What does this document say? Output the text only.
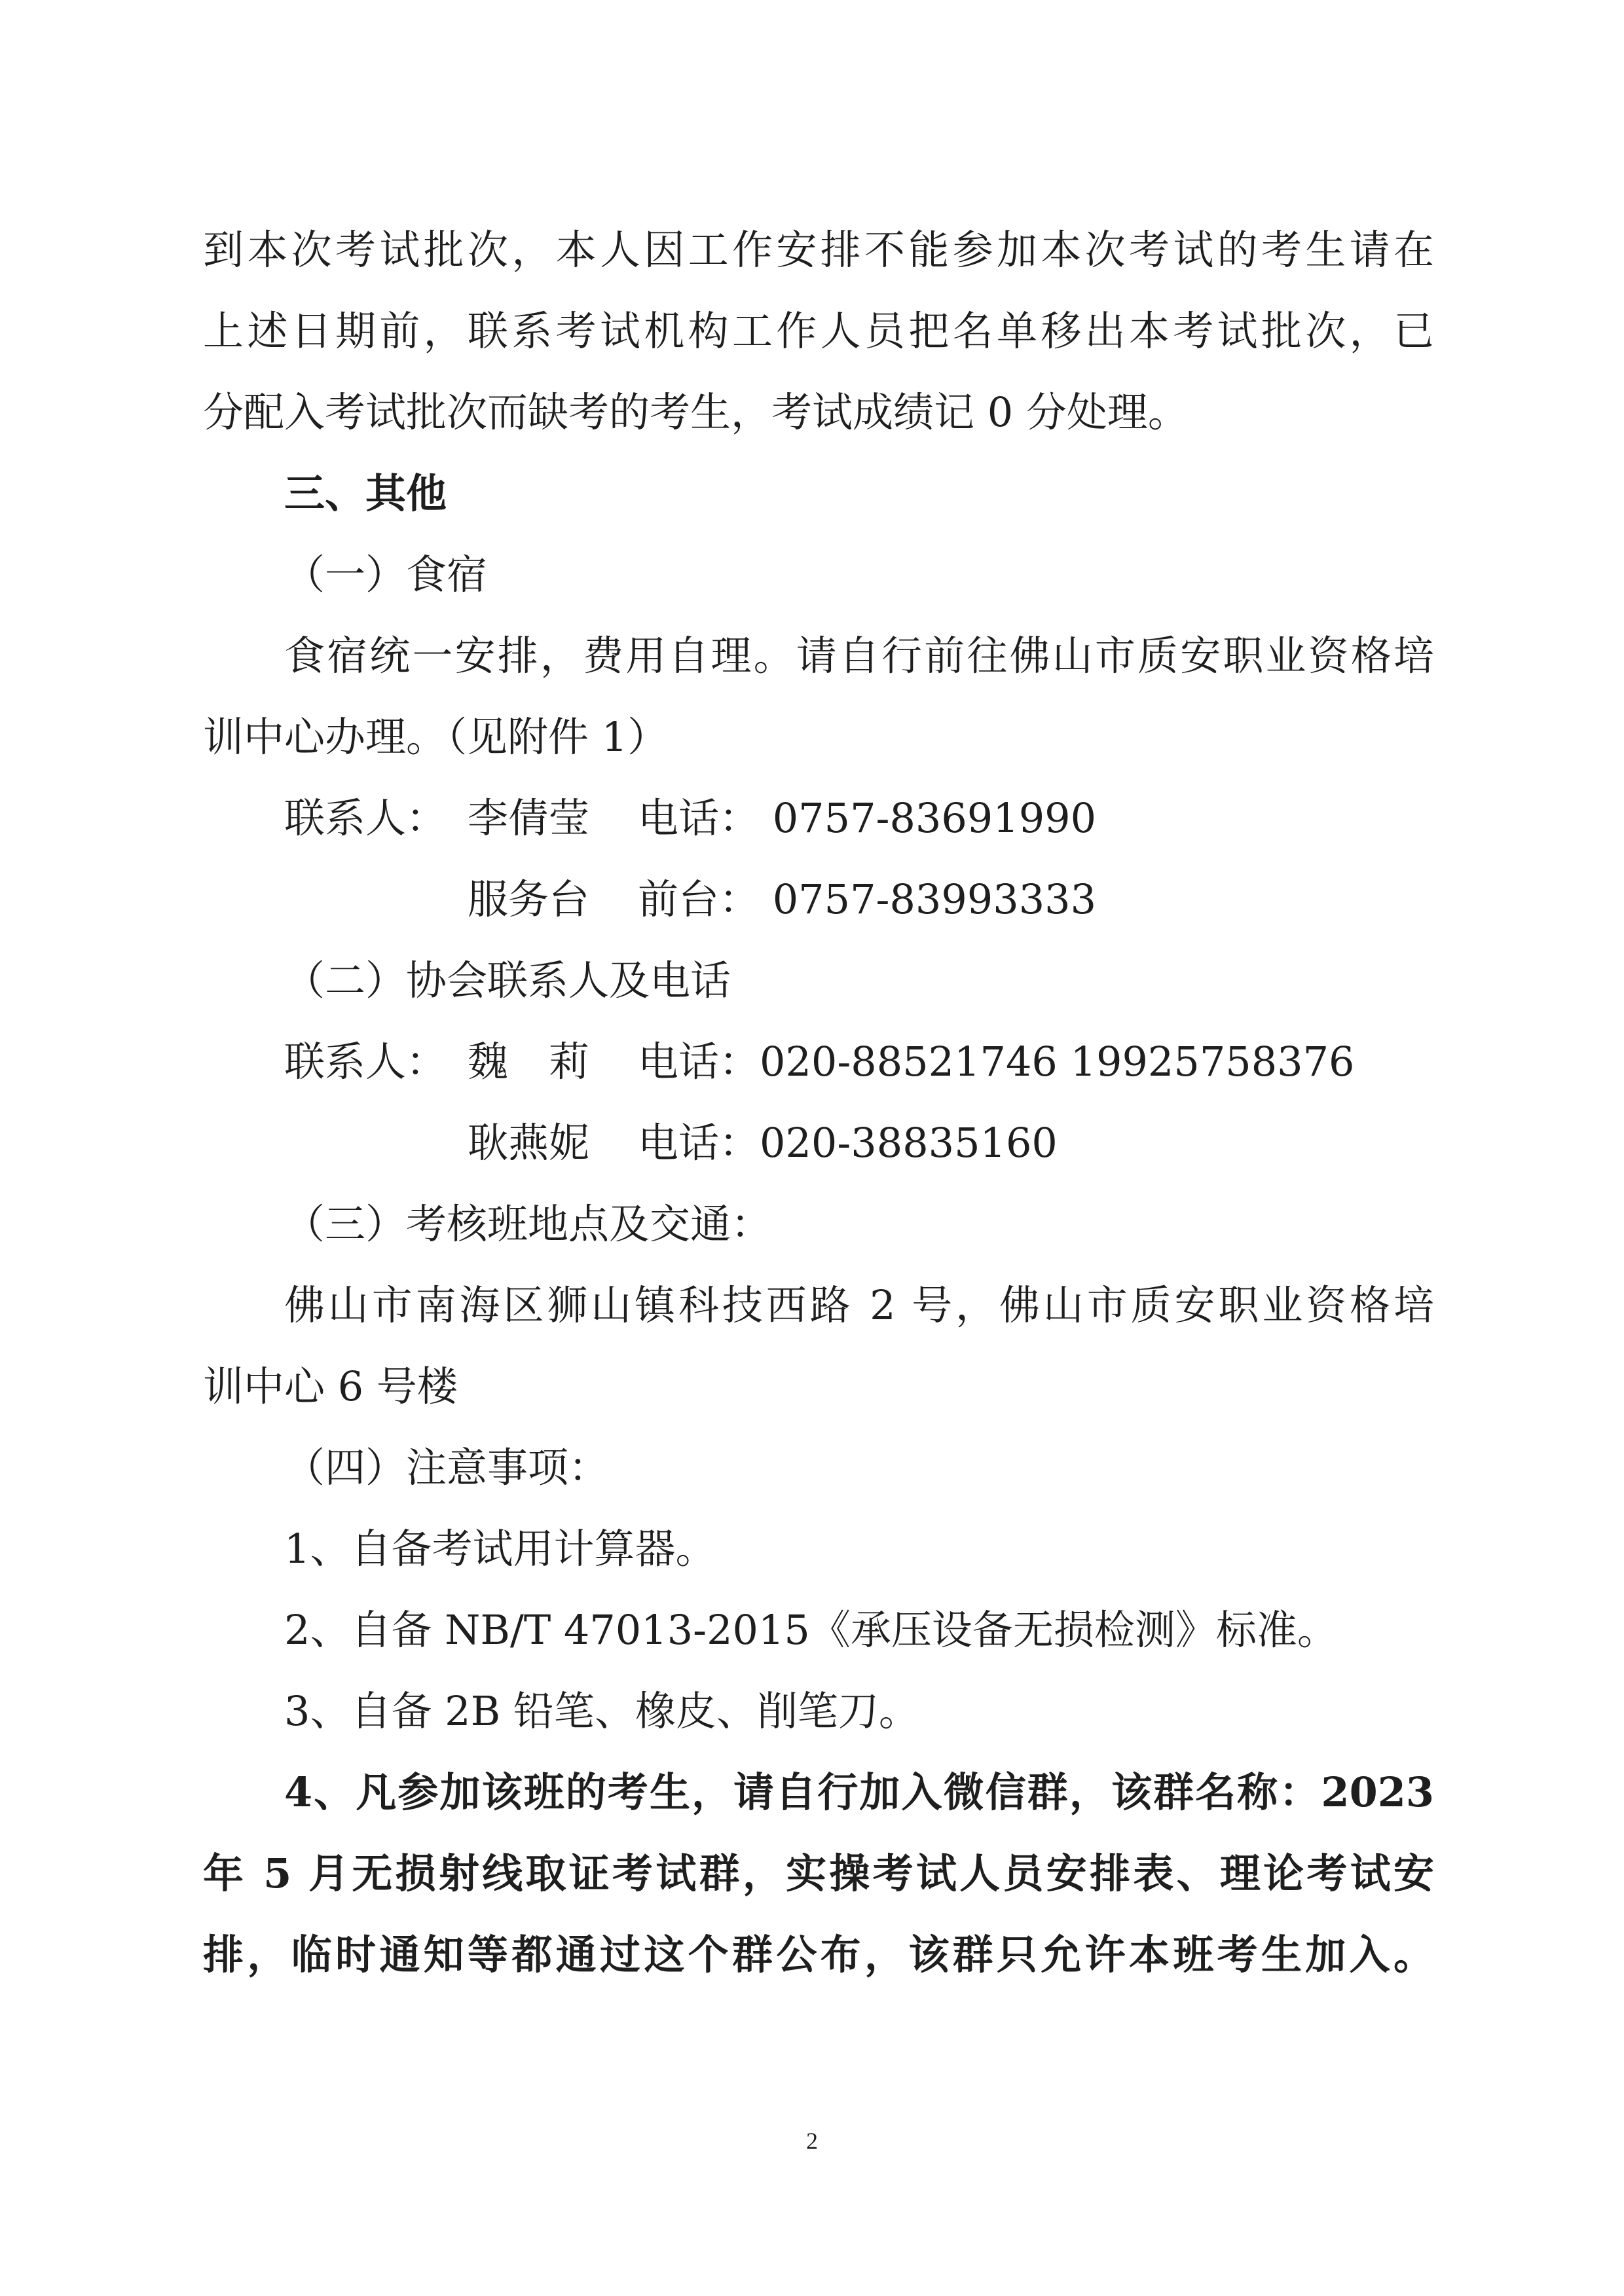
到本次考试批次，本人因工作安排不能参加本次考试的考生请在
上述日期前，联系考试机构工作人员把名单移出本考试批次，已
分配入考试批次而缺考的考生，考试成绩记 0 分处理。
三、其他
（一）食宿
食宿统一安排，费用自理。请自行前往佛山市质安职业资格培
训中心办理。（见附件 1）
联系人： 李倩莹	电话： 0757-83691990
服务台	前台： 0757-83993333
（二）协会联系人及电话
联系人： 魏　莉	电话：020-88521746 19925758376
耿燕妮	电话：020-38835160
（三）考核班地点及交通：
佛山市南海区狮山镇科技西路 2 号，佛山市质安职业资格培
训中心 6 号楼
（四）注意事项：
1、自备考试用计算器。
2、自备 NB/T 47013-2015《承压设备无损检测》标准。
3、自备 2B 铅笔、橡皮、削笔刀。
4、凡参加该班的考生，请自行加入微信群，该群名称：2023
年 5 月无损射线取证考试群，实操考试人员安排表、理论考试安
排，临时通知等都通过这个群公布，该群只允许本班考生加入。
2
